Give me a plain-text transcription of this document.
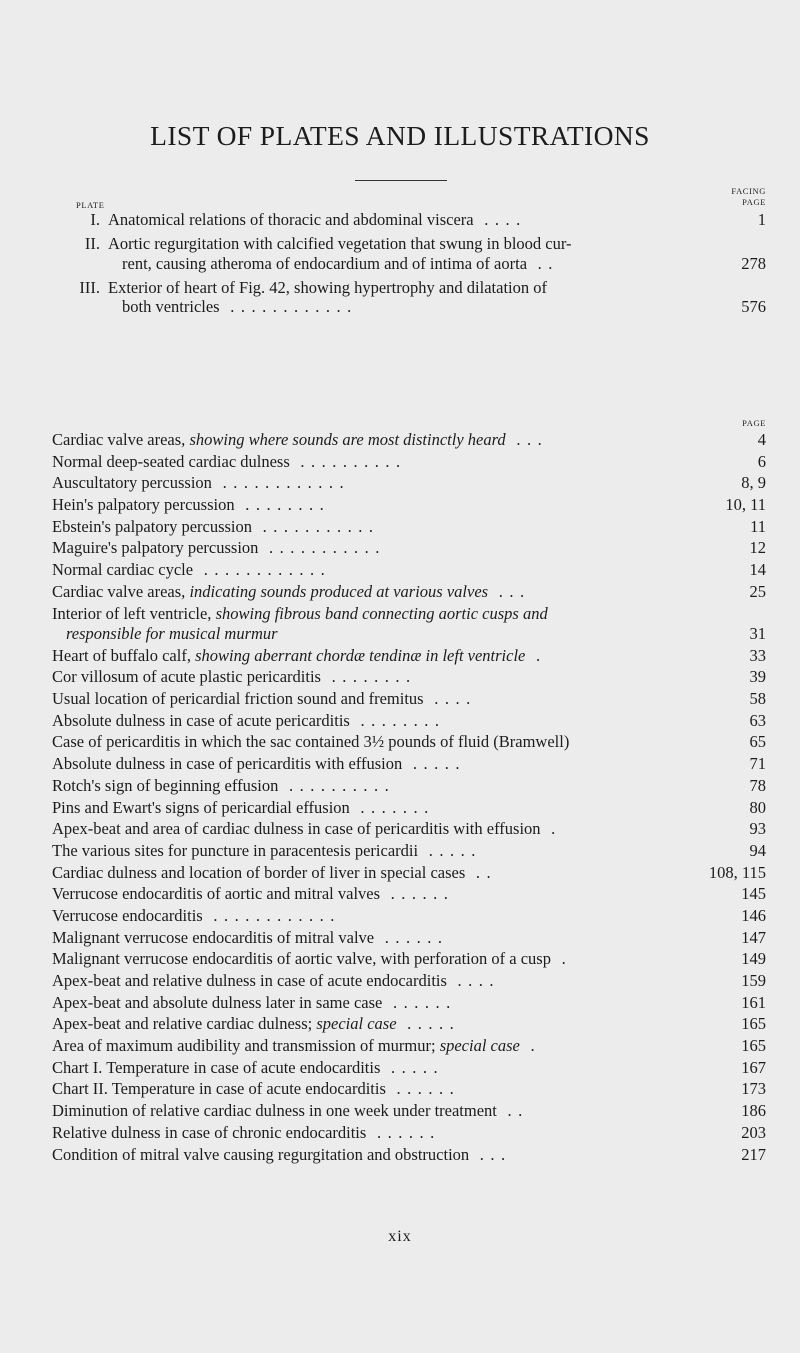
LIST OF PLATES AND ILLUSTRATIONS
PLATE
FACING
PAGE
I. Anatomical relations of thoracic and abdominal viscera ....	1
II. Aortic regurgitation with calcified vegetation that swung in blood cur-
rent, causing atheroma of endocardium and of intima of aorta ..	278
III. Exterior of heart of Fig. 42, showing hypertrophy and dilatation of
both ventricles ............	576
PAGE
Cardiac valve areas, showing where sounds are most distinctly heard ...	4
Normal deep-seated cardiac dulness ..........	6
Auscultatory percussion ............	8, 9
Hein's palpatory percussion ........	10, 11
Ebstein's palpatory percussion ...........	11
Maguire's palpatory percussion ...........	12
Normal cardiac cycle ............	14
Cardiac valve areas, indicating sounds produced at various valves ...	25
Interior of left ventricle, showing fibrous band connecting aortic cusps and
responsible for musical murmur	31
Heart of buffalo calf, showing aberrant chordæ tendinæ in left ventricle .	33
Cor villosum of acute plastic pericarditis ........	39
Usual location of pericardial friction sound and fremitus ....	58
Absolute dulness in case of acute pericarditis ........	63
Case of pericarditis in which the sac contained 3½ pounds of fluid (Bramwell)	65
Absolute dulness in case of pericarditis with effusion .....	71
Rotch's sign of beginning effusion ..........	78
Pins and Ewart's signs of pericardial effusion .......	80
Apex-beat and area of cardiac dulness in case of pericarditis with effusion .	93
The various sites for puncture in paracentesis pericardii .....	94
Cardiac dulness and location of border of liver in special cases ..	108, 115
Verrucose endocarditis of aortic and mitral valves ......	145
Verrucose endocarditis ............	146
Malignant verrucose endocarditis of mitral valve ......	147
Malignant verrucose endocarditis of aortic valve, with perforation of a cusp .	149
Apex-beat and relative dulness in case of acute endocarditis ....	159
Apex-beat and absolute dulness later in same case ......	161
Apex-beat and relative cardiac dulness; special case .....	165
Area of maximum audibility and transmission of murmur; special case .	165
Chart I. Temperature in case of acute endocarditis .....	167
Chart II. Temperature in case of acute endocarditis ......	173
Diminution of relative cardiac dulness in one week under treatment ..	186
Relative dulness in case of chronic endocarditis ......	203
Condition of mitral valve causing regurgitation and obstruction ...	217
xix
